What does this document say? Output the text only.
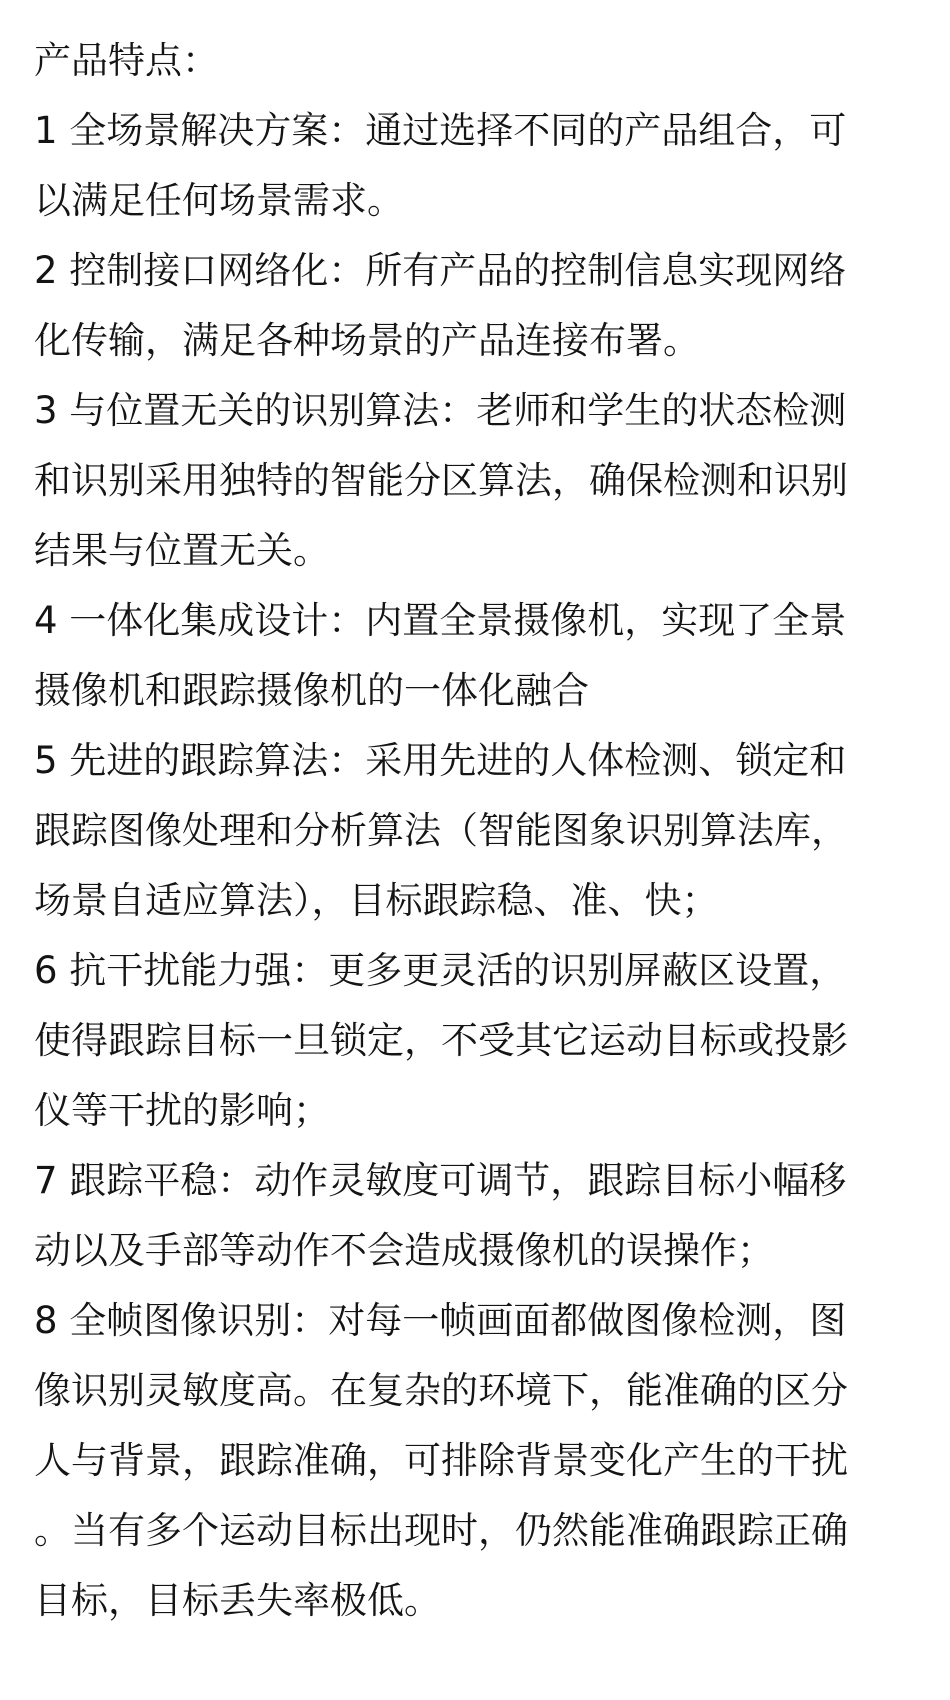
产品特点：
1 全场景解决方案：通过选择不同的产品组合，可
以满足任何场景需求。
2 控制接口网络化：所有产品的控制信息实现网络
化传输，满足各种场景的产品连接布署。
3 与位置无关的识别算法：老师和学生的状态检测
和识别采用独特的智能分区算法，确保检测和识别
结果与位置无关。
4 一体化集成设计：内置全景摄像机，实现了全景
摄像机和跟踪摄像机的一体化融合
5 先进的跟踪算法：采用先进的人体检测、锁定和
跟踪图像处理和分析算法（智能图象识别算法库，
场景自适应算法），目标跟踪稳、准、快；
6 抗干扰能力强：更多更灵活的识别屏蔽区设置，
使得跟踪目标一旦锁定，不受其它运动目标或投影
仪等干扰的影响；
7 跟踪平稳：动作灵敏度可调节，跟踪目标小幅移
动以及手部等动作不会造成摄像机的误操作；
8 全帧图像识别：对每一帧画面都做图像检测，图
像识别灵敏度高。在复杂的环境下，能准确的区分
人与背景，跟踪准确，可排除背景变化产生的干扰
。当有多个运动目标出现时，仍然能准确跟踪正确
目标，目标丢失率极低。
